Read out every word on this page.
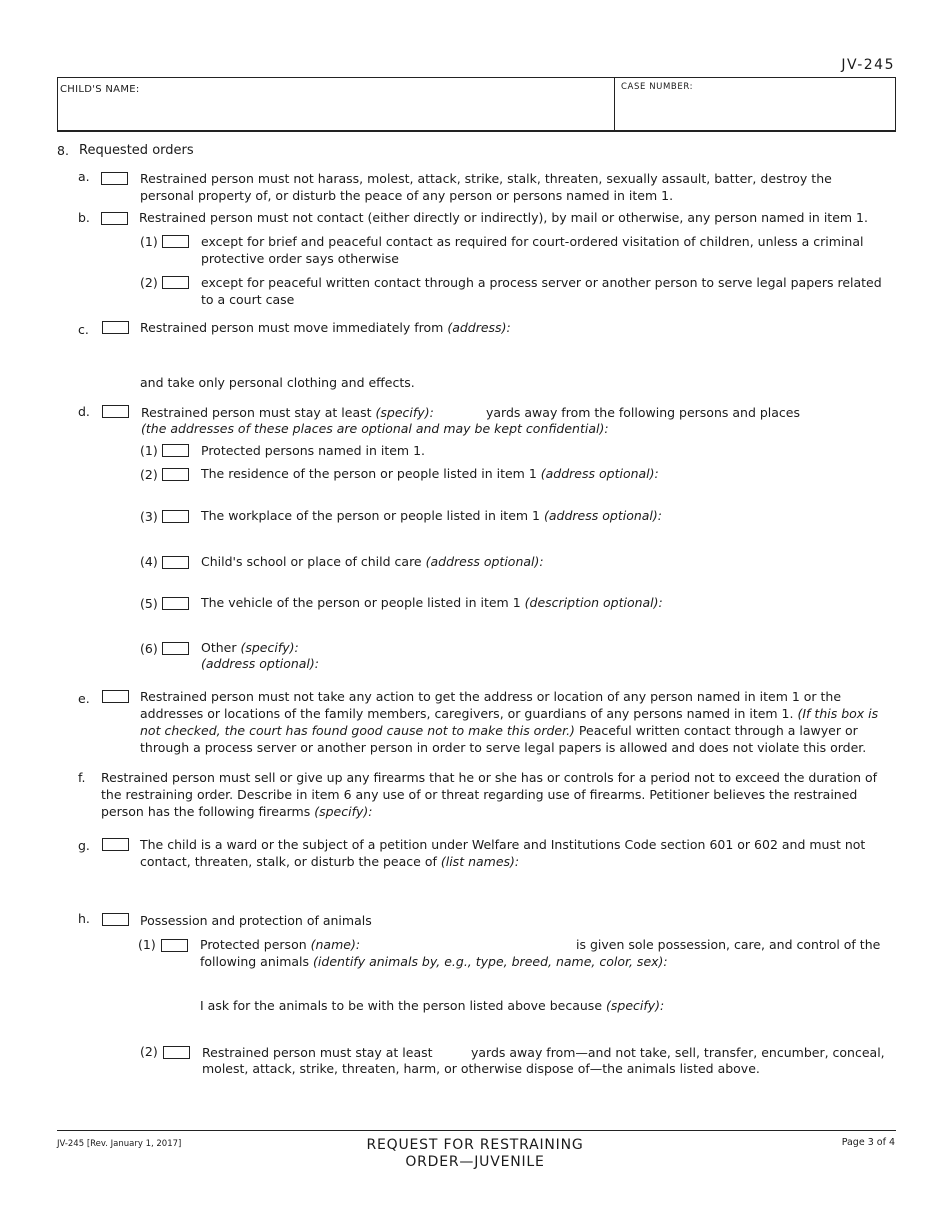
JV-245
CHILD'S NAME:	CASE NUMBER:
8. Requested orders
a.	Restrained person must not harass, molest, attack, strike, stalk, threaten, sexually assault, batter, destroy the personal property of, or disturb the peace of any person or persons named in item 1.
b.	Restrained person must not contact (either directly or indirectly), by mail or otherwise, any person named in item 1.
(1)	except for brief and peaceful contact as required for court-ordered visitation of children, unless a criminal protective order says otherwise
(2)	except for peaceful written contact through a process server or another person to serve legal papers related to a court case
c.	Restrained person must move immediately from (address):
and take only personal clothing and effects.
d.	Restrained person must stay at least (specify):	yards away from the following persons and places
(the addresses of these places are optional and may be kept confidential):
(1)	Protected persons named in item 1.
(2)	The residence of the person or people listed in item 1 (address optional):
(3)	The workplace of the person or people listed in item 1 (address optional):
(4)	Child's school or place of child care (address optional):
(5)	The vehicle of the person or people listed in item 1 (description optional):
(6)	Other (specify):
(address optional):
e.	Restrained person must not take any action to get the address or location of any person named in item 1 or the addresses or locations of the family members, caregivers, or guardians of any persons named in item 1. (If this box is not checked, the court has found good cause not to make this order.) Peaceful written contact through a lawyer or through a process server or another person in order to serve legal papers is allowed and does not violate this order.
f. Restrained person must sell or give up any firearms that he or she has or controls for a period not to exceed the duration of the restraining order. Describe in item 6 any use of or threat regarding use of firearms. Petitioner believes the restrained person has the following firearms (specify):
g.	The child is a ward or the subject of a petition under Welfare and Institutions Code section 601 or 602 and must not contact, threaten, stalk, or disturb the peace of (list names):
h.	Possession and protection of animals
(1)	Protected person (name):	is given sole possession, care, and control of the
following animals (identify animals by, e.g., type, breed, name, color, sex):
I ask for the animals to be with the person listed above because (specify):
(2)	Restrained person must stay at least	yards away from—and not take, sell, transfer, encumber, conceal,
molest, attack, strike, threaten, harm, or otherwise dispose of—the animals listed above.
JV-245 [Rev. January 1, 2017]	REQUEST FOR RESTRAINING
ORDER—JUVENILE
Page 3 of 4
